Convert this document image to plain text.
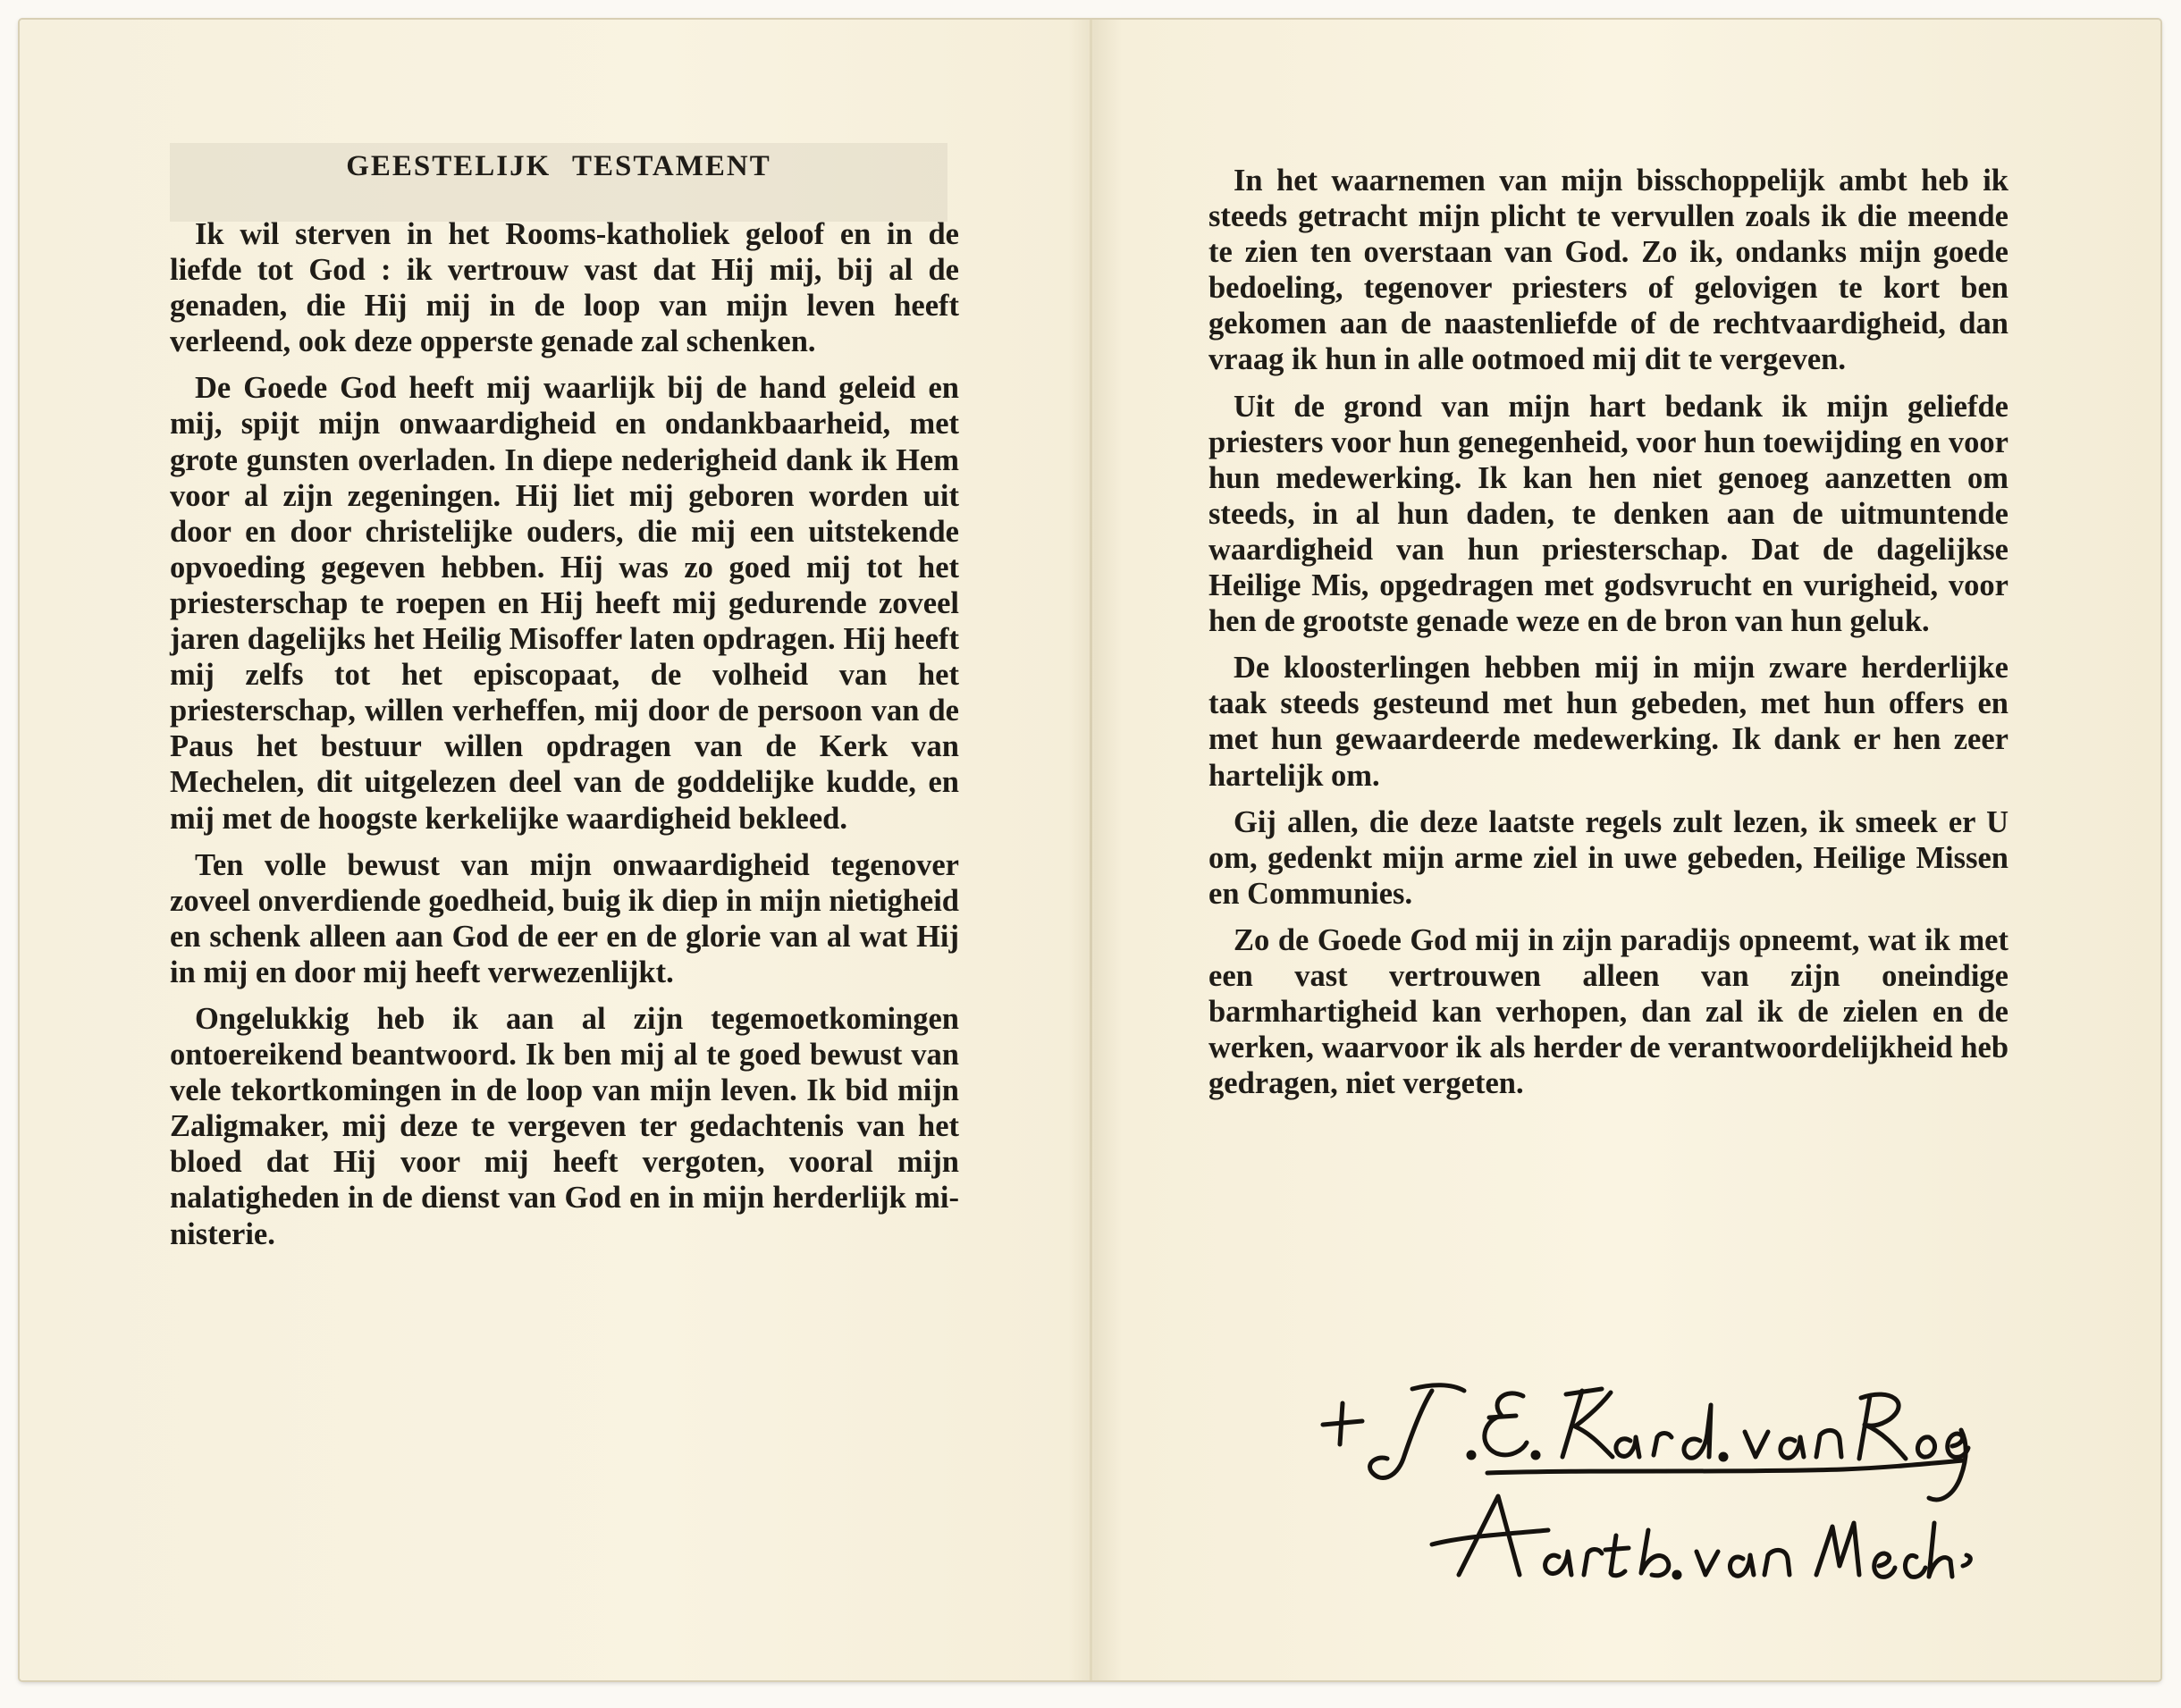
GEESTELIJK TESTAMENT

Ik wil sterven in het Rooms-katholiek geloof en in de liefde tot God : ik vertrouw vast dat Hij mij, bij al de genaden, die Hij mij in de loop van mijn leven heeft verleend, ook deze opperste genade zal schenken.

De Goede God heeft mij waarlijk bij de hand geleid en mij, spijt mijn onwaardigheid en ondankbaarheid, met grote gunsten overladen. In diepe nederigheid dank ik Hem voor al zijn zegeningen. Hij liet mij geboren worden uit door en door christelijke ouders, die mij een uitstekende opvoeding gegeven hebben. Hij was zo goed mij tot het priesterschap te roepen en Hij heeft mij gedurende zoveel jaren dagelijks het Heilig Misoffer laten opdragen. Hij heeft mij zelfs tot het episcopaat, de volheid van het priesterschap, willen verheffen, mij door de persoon van de Paus het bestuur willen opdragen van de Kerk van Mechelen, dit uitgelezen deel van de goddelijke kudde, en mij met de hoogste kerkelijke waardigheid bekleed.

Ten volle bewust van mijn onwaardigheid tegenover zoveel onverdiende goedheid, buig ik diep in mijn nietigheid en schenk alleen aan God de eer en de glorie van al wat Hij in mij en door mij heeft verwezenlijkt.

Ongelukkig heb ik aan al zijn tegemoetkomingen ontoereikend beantwoord. Ik ben mij al te goed bewust van vele tekortkomingen in de loop van mijn leven. Ik bid mijn Zaligmaker, mij deze te vergeven ter gedachtenis van het bloed dat Hij voor mij heeft vergoten, vooral mijn nalatigheden in de dienst van God en in mijn herderlijk ministerie.

In het waarnemen van mijn bisschoppelijk ambt heb ik steeds getracht mijn plicht te vervullen zoals ik die meende te zien ten overstaan van God. Zo ik, ondanks mijn goede bedoeling, tegenover priesters of gelovigen te kort ben gekomen aan de naastenliefde of de rechtvaardigheid, dan vraag ik hun in alle ootmoed mij dit te vergeven.

Uit de grond van mijn hart bedank ik mijn geliefde priesters voor hun genegenheid, voor hun toewijding en voor hun medewerking. Ik kan hen niet genoeg aanzetten om steeds, in al hun daden, te denken aan de uitmuntende waardigheid van hun priesterschap. Dat de dagelijkse Heilige Mis, opgedragen met godsvrucht en vurigheid, voor hen de grootste genade weze en de bron van hun geluk.

De kloosterlingen hebben mij in mijn zware herderlijke taak steeds gesteund met hun gebeden, met hun offers en met hun gewaardeerde medewerking. Ik dank er hen zeer hartelijk om.

Gij allen, die deze laatste regels zult lezen, ik smeek er U om, gedenkt mijn arme ziel in uwe gebeden, Heilige Missen en Communies.

Zo de Goede God mij in zijn paradijs opneemt, wat ik met een vast vertrouwen alleen van zijn oneindige barmhartigheid kan verhopen, dan zal ik de zielen en de werken, waarvoor ik als herder de verantwoordelijkheid heb gedragen, niet vergeten.
